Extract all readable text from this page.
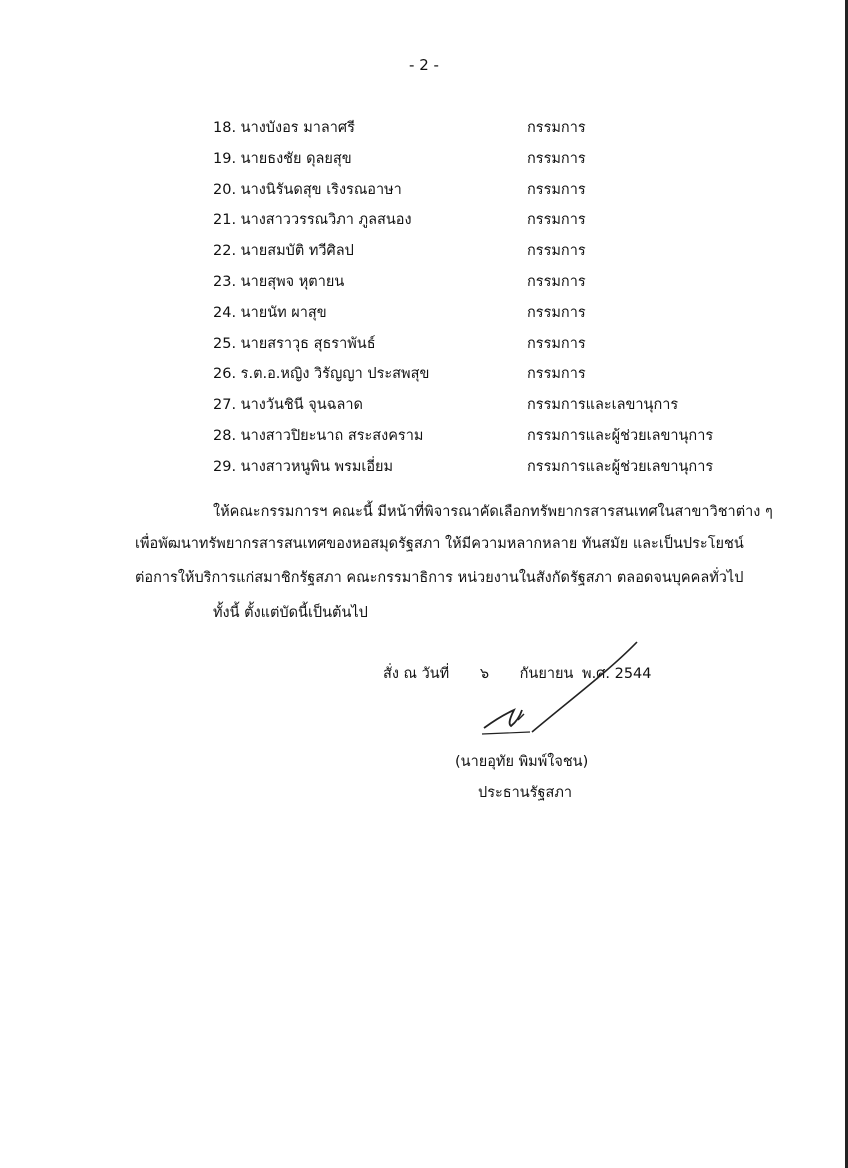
- 2 -
18. นางบังอร มาลาศรี	กรรมการ
19. นายธงชัย ดุลยสุข	กรรมการ
20. นางนิรันดสุข เริงรณอาษา	กรรมการ
21. นางสาววรรณวิภา ภูลสนอง	กรรมการ
22. นายสมบัติ ทวีศิลป	กรรมการ
23. นายสุพจ หุตายน	กรรมการ
24. นายนัท ผาสุข	กรรมการ
25. นายสราวุธ สุธราพันธ์	กรรมการ
26. ร.ต.อ.หญิง วิรัญญา ประสพสุข	กรรมการ
27. นางวันชินี จุนฉลาด	กรรมการและเลขานุการ
28. นางสาวปิยะนาถ สระสงคราม	กรรมการและผู้ช่วยเลขานุการ
29. นางสาวหนูพิน พรมเอี่ยม	กรรมการและผู้ช่วยเลขานุการ
ให้คณะกรรมการฯ คณะนี้ มีหน้าที่พิจารณาคัดเลือกทรัพยากรสารสนเทศในสาขาวิชาต่าง ๆ
เพื่อพัฒนาทรัพยากรสารสนเทศของหอสมุดรัฐสภา ให้มีความหลากหลาย ทันสมัย และเป็นประโยชน์
ต่อการให้บริการแก่สมาชิกรัฐสภา คณะกรรมาธิการ หน่วยงานในสังกัดรัฐสภา ตลอดจนบุคคลทั่วไป
ทั้งนี้ ตั้งแต่บัดนี้เป็นต้นไป
สั่ง ณ วันที่ ๖ กันยายน พ.ศ. 2544
(นายอุทัย พิมพ์ใจชน)
ประธานรัฐสภา
